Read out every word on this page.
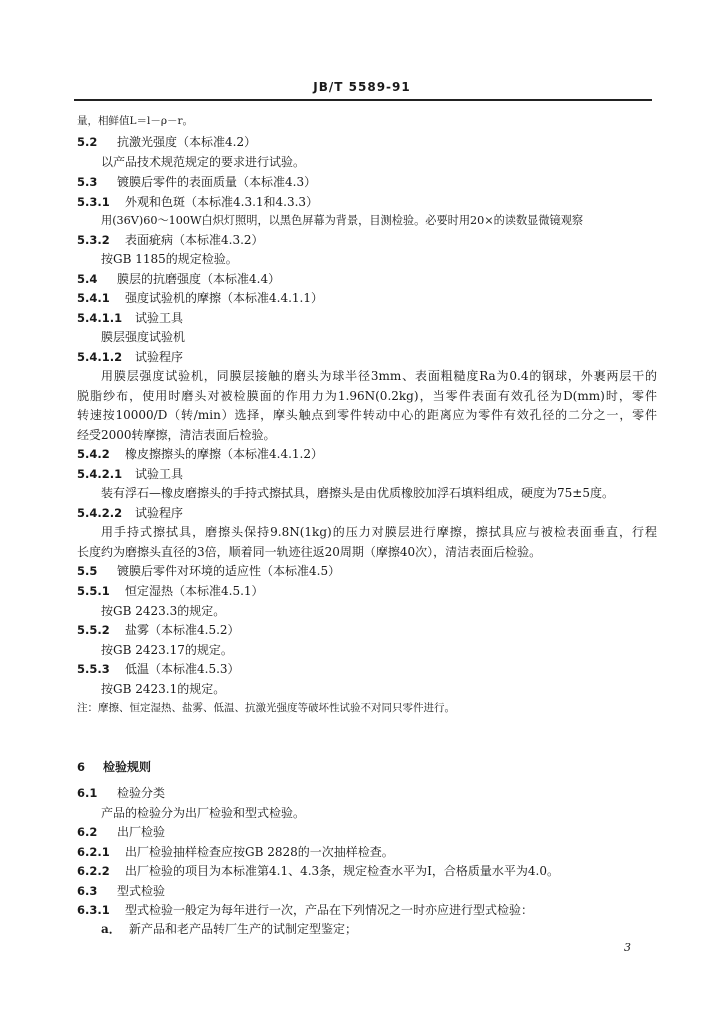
JB/T 5589-91
量，相鲜值L＝l－ρ－r。
5.2 抗激光强度（本标准4.2）
以产品技术规范规定的要求进行试验。
5.3 镀膜后零件的表面质量（本标准4.3）
5.3.1 外观和色斑（本标准4.3.1和4.3.3）
用(36V)60～100W白炽灯照明，以黑色屏幕为背景，目测检验。必要时用20×的读数显微镜观察
5.3.2 表面疵病（本标准4.3.2）
按GB 1185的规定检验。
5.4 膜层的抗磨强度（本标准4.4）
5.4.1 强度试验机的摩擦（本标准4.4.1.1）
5.4.1.1 试验工具
膜层强度试验机
5.4.1.2 试验程序
用膜层强度试验机，同膜层接触的磨头为球半径3mm、表面粗糙度Ra为0.4的钢球，外裹两层干的
脱脂纱布，使用时磨头对被检膜面的作用力为1.96N(0.2kg)，当零件表面有效孔径为D(mm)时，零件
转速按10000/D（转/min）选择，摩头触点到零件转动中心的距离应为零件有效孔径的二分之一，零件
经受2000转摩擦，清洁表面后检验。
5.4.2 橡皮擦擦头的摩擦（本标准4.4.1.2）
5.4.2.1 试验工具
装有浮石—橡皮磨擦头的手持式擦拭具，磨擦头是由优质橡胶加浮石填料组成，硬度为75±5度。
5.4.2.2 试验程序
用手持式擦拭具，磨擦头保持9.8N(1kg)的压力对膜层进行摩擦，擦拭具应与被检表面垂直，行程
长度约为磨擦头直径的3倍，顺着同一轨迹往返20周期（摩擦40次），清洁表面后检验。
5.5 镀膜后零件对环境的适应性（本标准4.5）
5.5.1 恒定湿热（本标准4.5.1）
按GB 2423.3的规定。
5.5.2 盐雾（本标准4.5.2）
按GB 2423.17的规定。
5.5.3 低温（本标准4.5.3）
按GB 2423.1的规定。
注：摩擦、恒定湿热、盐雾、低温、抗激光强度等破坏性试验不对同只零件进行。
6 检验规则
6.1 检验分类
产品的检验分为出厂检验和型式检验。
6.2 出厂检验
6.2.1 出厂检验抽样检查应按GB 2828的一次抽样检查。
6.2.2 出厂检验的项目为本标准第4.1、4.3条，规定检查水平为Ⅰ，合格质量水平为4.0。
6.3 型式检验
6.3.1 型式检验一般定为每年进行一次，产品在下列情况之一时亦应进行型式检验：
a． 新产品和老产品转厂生产的试制定型鉴定；
3
